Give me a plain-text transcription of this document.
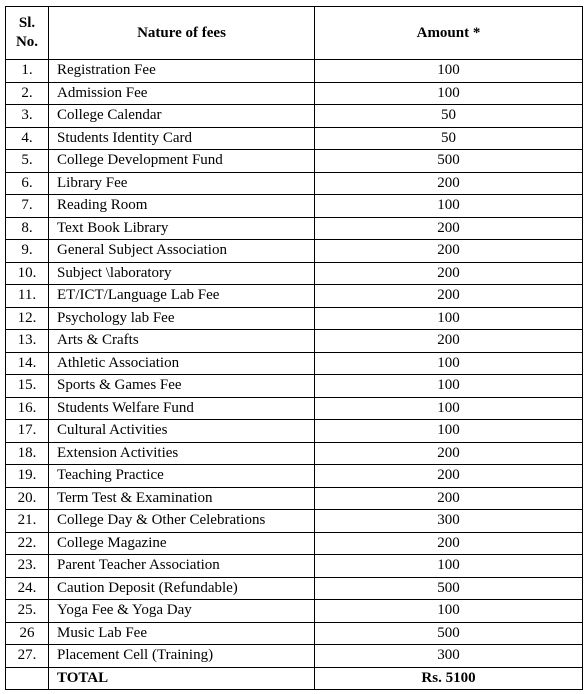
Sl.
No.	Nature of fees	Amount *
1.	Registration Fee	100
2.	Admission Fee	100
3.	College Calendar	50
4.	Students Identity Card	50
5.	College Development Fund	500
6.	Library Fee	200
7.	Reading Room	100
8.	Text Book Library	200
9.	General Subject Association	200
10.	Subject \laboratory	200
11.	ET/ICT/Language Lab Fee	200
12.	Psychology lab Fee	100
13.	Arts & Crafts	200
14.	Athletic Association	100
15.	Sports & Games Fee	100
16.	Students Welfare Fund	100
17.	Cultural Activities	100
18.	Extension Activities	200
19.	Teaching Practice	200
20.	Term Test & Examination	200
21.	College Day & Other Celebrations	300
22.	College Magazine	200
23.	Parent Teacher Association	100
24.	Caution Deposit (Refundable)	500
25.	Yoga Fee & Yoga Day	100
26	Music Lab Fee	500
27.	Placement Cell (Training)	300
	TOTAL	Rs. 5100
